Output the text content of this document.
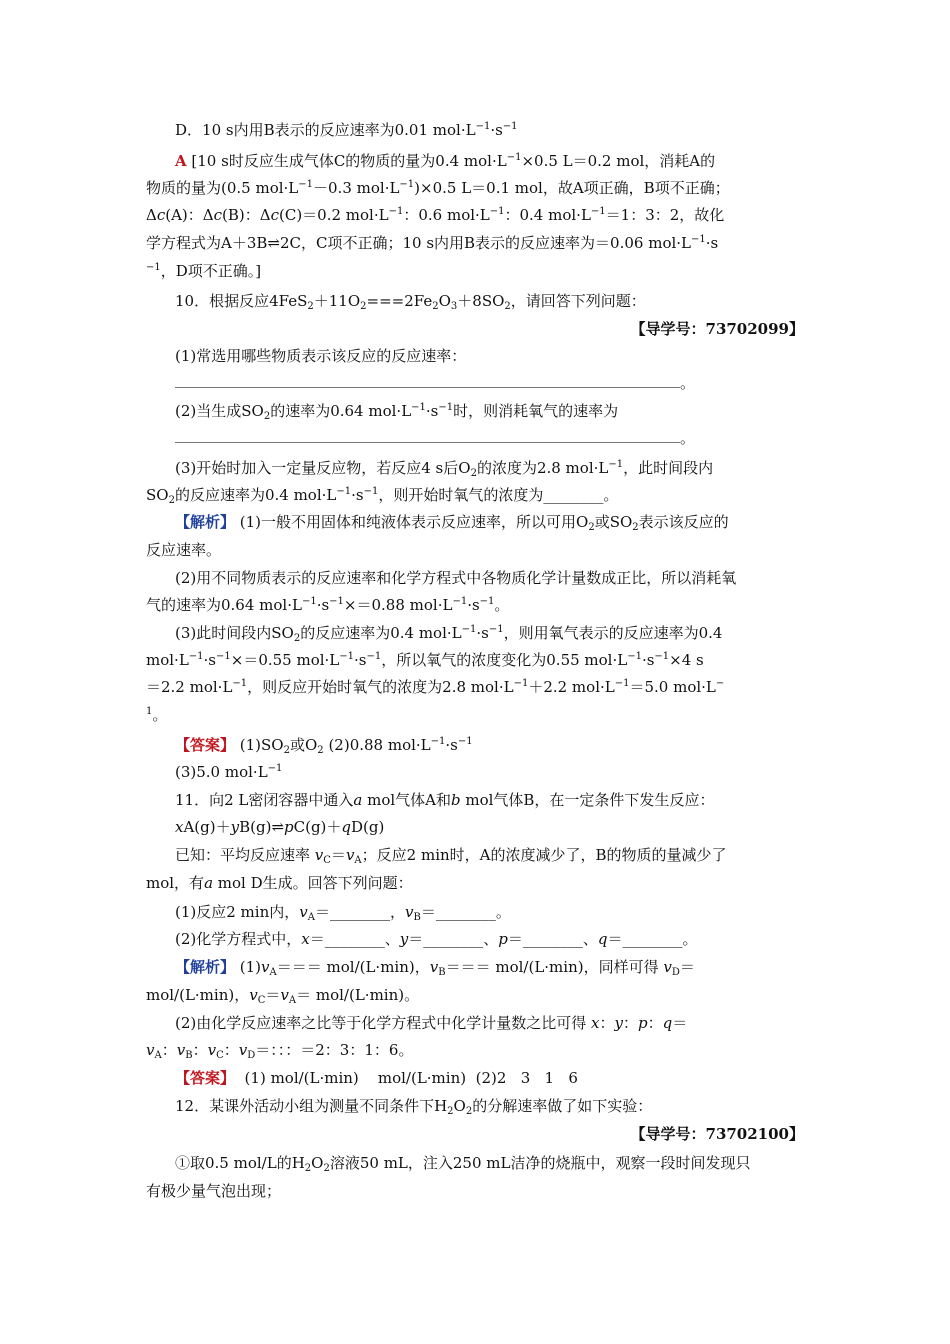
D．10 s内用B表示的反应速率为0.01 $mol\cdot L^{-1}\cdot s^{-1}$
A [10 s时反应生成气体C的物质的量为0.4 $mol\cdot L^{-1}\times 0.5$ L＝0.2 mol，消耗A的
物质的量为(0.5 $mol\cdot L^{-1}-0.3$ $mol\cdot L^{-1})\times 0.5$ L＝0.1 mol，故A项正确，B项不正确；
Δc(A)：Δc(B)：Δc(C)＝0.2 $mol\cdot L^{-1}$：0.6 $mol\cdot L^{-1}$：0.4 $mol\cdot L^{-1}=1$：3：2，故化
学方程式为A＋3B⇌2C，C项不正确；10 s内用B表示的反应速率为＝0.06 $mol\cdot L^{-1}\cdot s$
$^{-1}$，D项不正确。]
10．根据反应$4FeS_2+11O_2===2Fe_2O_3+8SO_2$，请回答下列问题：
【导学号：73702099】
(1)常选用哪些物质表示该反应的反应速率：
。
(2)当生成$SO_2$的速率为0.64 $mol\cdot L^{-1}\cdot s^{-1}$时，则消耗氧气的速率为
。
(3)开始时加入一定量反应物，若反应4 s后$O_2$的浓度为2.8 $mol\cdot L^{-1}$，此时间段内
$SO_2$的反应速率为0.4 $mol\cdot L^{-1}\cdot s^{-1}$，则开始时氧气的浓度为________。
【解析】 (1)一般不用固体和纯液体表示反应速率，所以可用$O_2$或$SO_2$表示该反应的
反应速率。
(2)用不同物质表示的反应速率和化学方程式中各物质化学计量数成正比，所以消耗氧
气的速率为0.64 $mol\cdot L^{-1}\cdot s^{-1}\times=0.88$ $mol\cdot L^{-1}\cdot s^{-1}$。
(3)此时间段内$SO_2$的反应速率为0.4 $mol\cdot L^{-1}\cdot s^{-1}$，则用氧气表示的反应速率为0.4
$mol\cdot L^{-1}\cdot s^{-1}\times=0.55$ $mol\cdot L^{-1}\cdot s^{-1}$，所以氧气的浓度变化为0.55 $mol\cdot L^{-1}\cdot s^{-1}\times 4$ s
＝2.2 $mol\cdot L^{-1}$，则反应开始时氧气的浓度为2.8 $mol\cdot L^{-1}+2.2$ $mol\cdot L^{-1}=5.0$ mol·L−
$^1$。
【答案】 $(1)SO_2$或$O_2$ (2)0.88 $mol\cdot L^{-1}\cdot s^{-1}$
(3)5.0 $mol\cdot L^{-1}$
11．向2 L密闭容器中通入a mol气体A和b mol气体B，在一定条件下发生反应：
xA(g)＋yB(g)⇌pC(g)＋qD(g)
已知：平均反应速率 $v_C=v_A$；反应2 min时，A的浓度减少了，B的物质的量减少了
mol，有a mol D生成。回答下列问题：
(1)反应2 min内，$v_A=\_\_\_\_\_\_\_\_$，$v_B=\_\_\_\_\_\_\_\_$。
(2)化学方程式中，x＝________、y＝________、p＝________、q＝________。
【解析】 $(1)v_A=== mol/(L\cdot\min)$，$v_B=== mol/(L\cdot\min)$，同样可得 $v_D=$
mol/(L·min)，$v_C=v_A= mol/(L\cdot\min)$。
(2)由化学反应速率之比等于化学方程式中化学计量数之比可得 x：y：p：q＝
$v_A$：$v_B$：$v_C$：$v_D=$：：：＝2：3：1：6。
【答案】  (1) mol/(L·min)    mol/(L·min)  (2)2   3   1   6
12．某课外活动小组为测量不同条件下$H_2O_2$的分解速率做了如下实验：
【导学号：73702100】
①取0.5 mol/L的$H_2O_2$溶液50 mL，注入250 mL洁净的烧瓶中，观察一段时间发现只
有极少量气泡出现；
